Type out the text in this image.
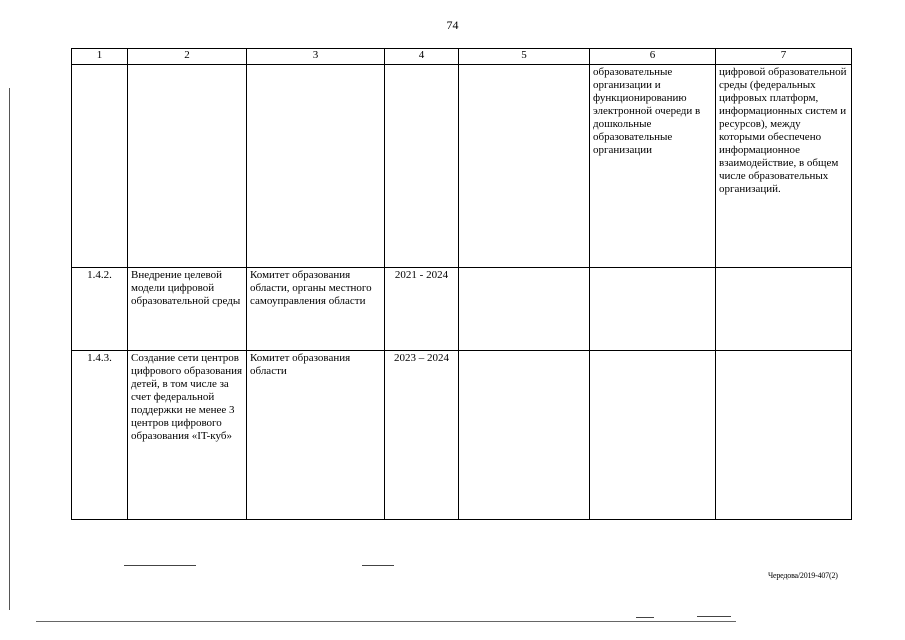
74
1	2	3	4	5	6	7
					образовательные организации и функционированию электронной очереди в дошкольные образовательные организации	цифровой образовательной среды (федеральных цифровых платформ, информационных систем и ресурсов), между которыми обеспечено информационное взаимодействие, в общем числе образовательных организаций.
1.4.2.	Внедрение целевой модели цифровой образовательной среды	Комитет образования области, органы местного самоуправления области	2021 - 2024			
1.4.3.	Создание сети центров цифрового образования детей, в том числе за счет федеральной поддержки не менее 3 центров цифрового образования «IT-куб»	Комитет образования области	2023 – 2024			
Чередова/2019-407(2)
